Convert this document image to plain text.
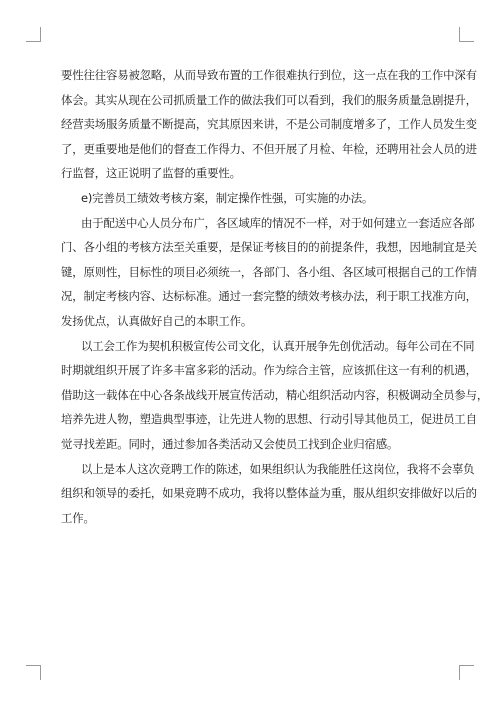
要性往往容易被忽略，从而导致布置的工作很难执行到位，这一点在我的工作中深有
体会。其实从现在公司抓质量工作的做法我们可以看到，我们的服务质量急剧提升，
经营卖场服务质量不断提高，究其原因来讲，不是公司制度增多了，工作人员发生变
了，更重要地是他们的督查工作得力、不但开展了月检、年检，还聘用社会人员的进
行监督，这正说明了监督的重要性。
e)完善员工绩效考核方案，制定操作性强，可实施的办法。
由于配送中心人员分布广，各区域库的情况不一样，对于如何建立一套适应各部
门、各小组的考核方法至关重要，是保证考核目的的前提条件，我想，因地制宜是关
键，原则性，目标性的项目必须统一，各部门、各小组、各区域可根据自己的工作情
况，制定考核内容、达标标准。通过一套完整的绩效考核办法，利于职工找准方向，
发扬优点，认真做好自己的本职工作。
以工会工作为契机积极宣传公司文化，认真开展争先创优活动。每年公司在不同
时期就组织开展了许多丰富多彩的活动。作为综合主管，应该抓住这一有利的机遇，
借助这一载体在中心各条战线开展宣传活动，精心组织活动内容，积极调动全员参与，
培养先进人物，塑造典型事迹，让先进人物的思想、行动引导其他员工，促进员工自
觉寻找差距。同时，通过参加各类活动又会使员工找到企业归宿感。
以上是本人这次竞聘工作的陈述，如果组织认为我能胜任这岗位，我将不会辜负
组织和领导的委托，如果竞聘不成功，我将以整体益为重，服从组织安排做好以后的
工作。
